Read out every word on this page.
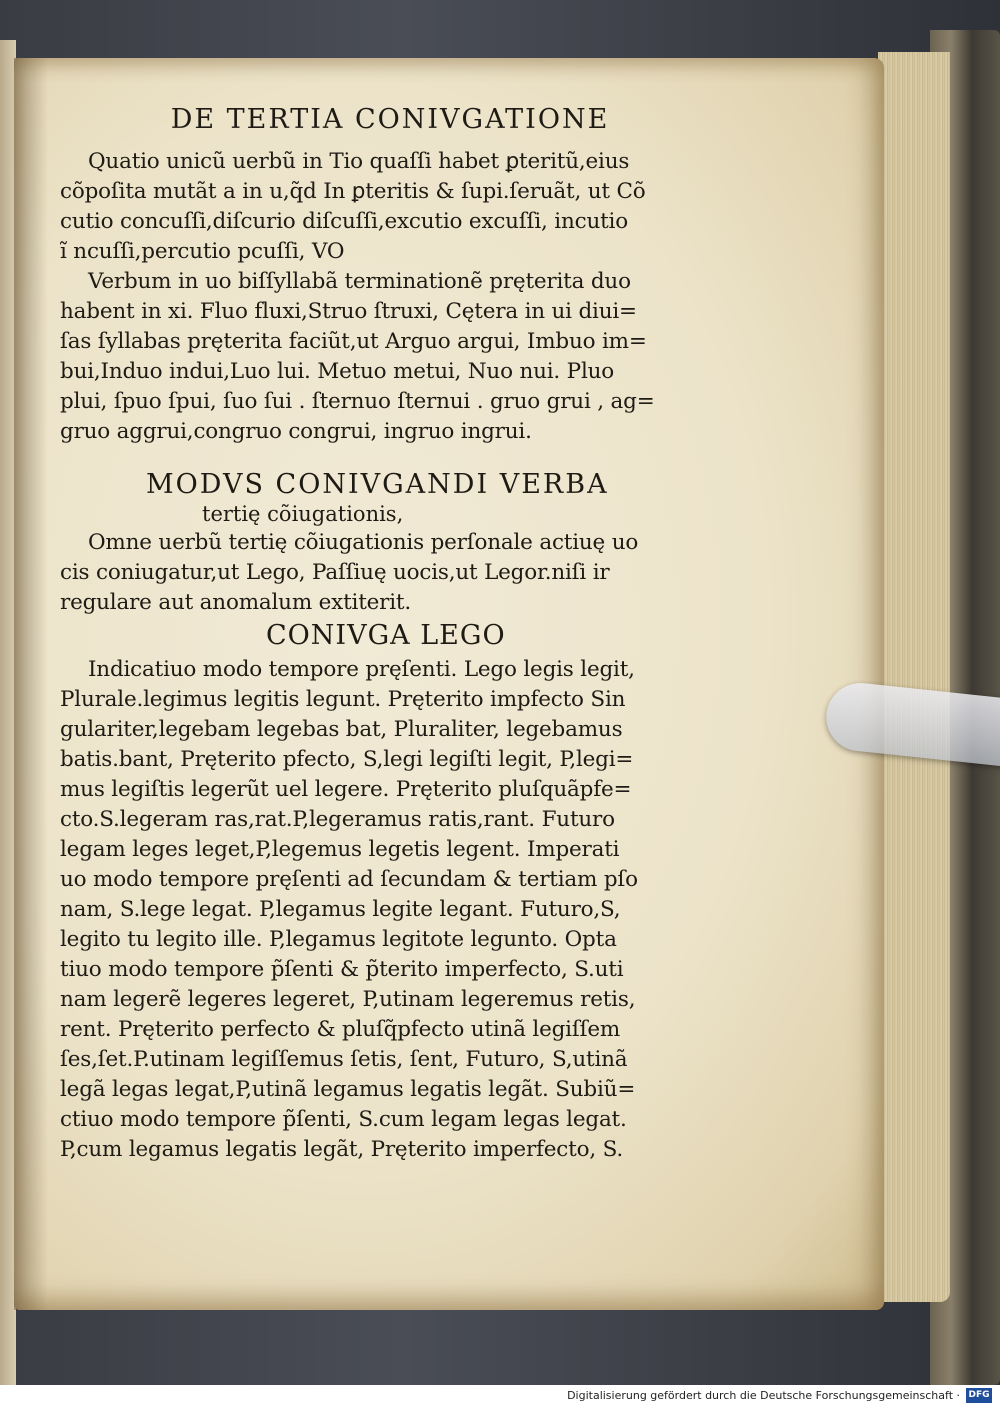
DE TERTIA CONIVGATIONE

Quatio unicũ uerbũ in Tio quaſſi habet ꝑteritũ,eius
cõpoſita mutãt a in u,q̃d In ꝑteritis & ſupi.ſeruãt, ut Cõ
cutio concuſſi,diſcurio diſcuſſi,excutio excuſſi, incutio
ĩ ncuſſi,percutio pcuſſi, VO

Verbum in uo biſſyllabã terminationẽ pręterita duo
habent in xi. Fluo fluxi,Struo ſtruxi, Cętera in ui diui=
ſas ſyllabas pręterita faciũt,ut Arguo argui, Imbuo im=
bui,Induo indui,Luo lui. Metuo metui, Nuo nui. Pluo
plui, ſpuo ſpui, ſuo ſui . ſternuo ſternui . gruo grui , ag=
gruo aggrui,congruo congrui, ingruo ingrui.

MODVS CONIVGANDI VERBA

tertię cõiugationis,

Omne uerbũ tertię cõiugationis perſonale actiuę uo
cis coniugatur,ut Lego, Paſſiuę uocis,ut Legor.niſi ir
regulare aut anomalum extiterit.

CONIVGA LEGO

Indicatiuo modo tempore pręſenti. Lego legis legit,
Plurale.legimus legitis legunt. Pręterito impfecto Sin
gulariter,legebam legebas bat, Pluraliter, legebamus
batis.bant, Pręterito pfecto, S,legi legiſti legit, P,legi=
mus legiſtis legerũt uel legere. Pręterito pluſquãpfe=
cto.S.legeram ras,rat.P,legeramus ratis,rant. Futuro
legam leges leget,P,legemus legetis legent. Imperati
uo modo tempore pręſenti ad ſecundam & tertiam pſo
nam, S.lege legat. P,legamus legite legant. Futuro,S,
legito tu legito ille. P,legamus legitote legunto. Opta
tiuo modo tempore p̃ſenti & p̃terito imperfecto, S.uti
nam legerẽ legeres legeret, P,utinam legeremus retis,
rent. Pręterito perfecto & pluſq̃pfecto utinã legiſſem
ſes,ſet.P.utinam legiſſemus ſetis, ſent, Futuro, S,utinã
legã legas legat,P,utinã legamus legatis legãt. Subiũ=
ctiuo modo tempore p̃ſenti, S.cum legam legas legat.
P,cum legamus legatis legãt, Pręterito imperfecto, S.

Digitalisierung gefördert durch die Deutsche Forschungsgemeinschaft · DFG
